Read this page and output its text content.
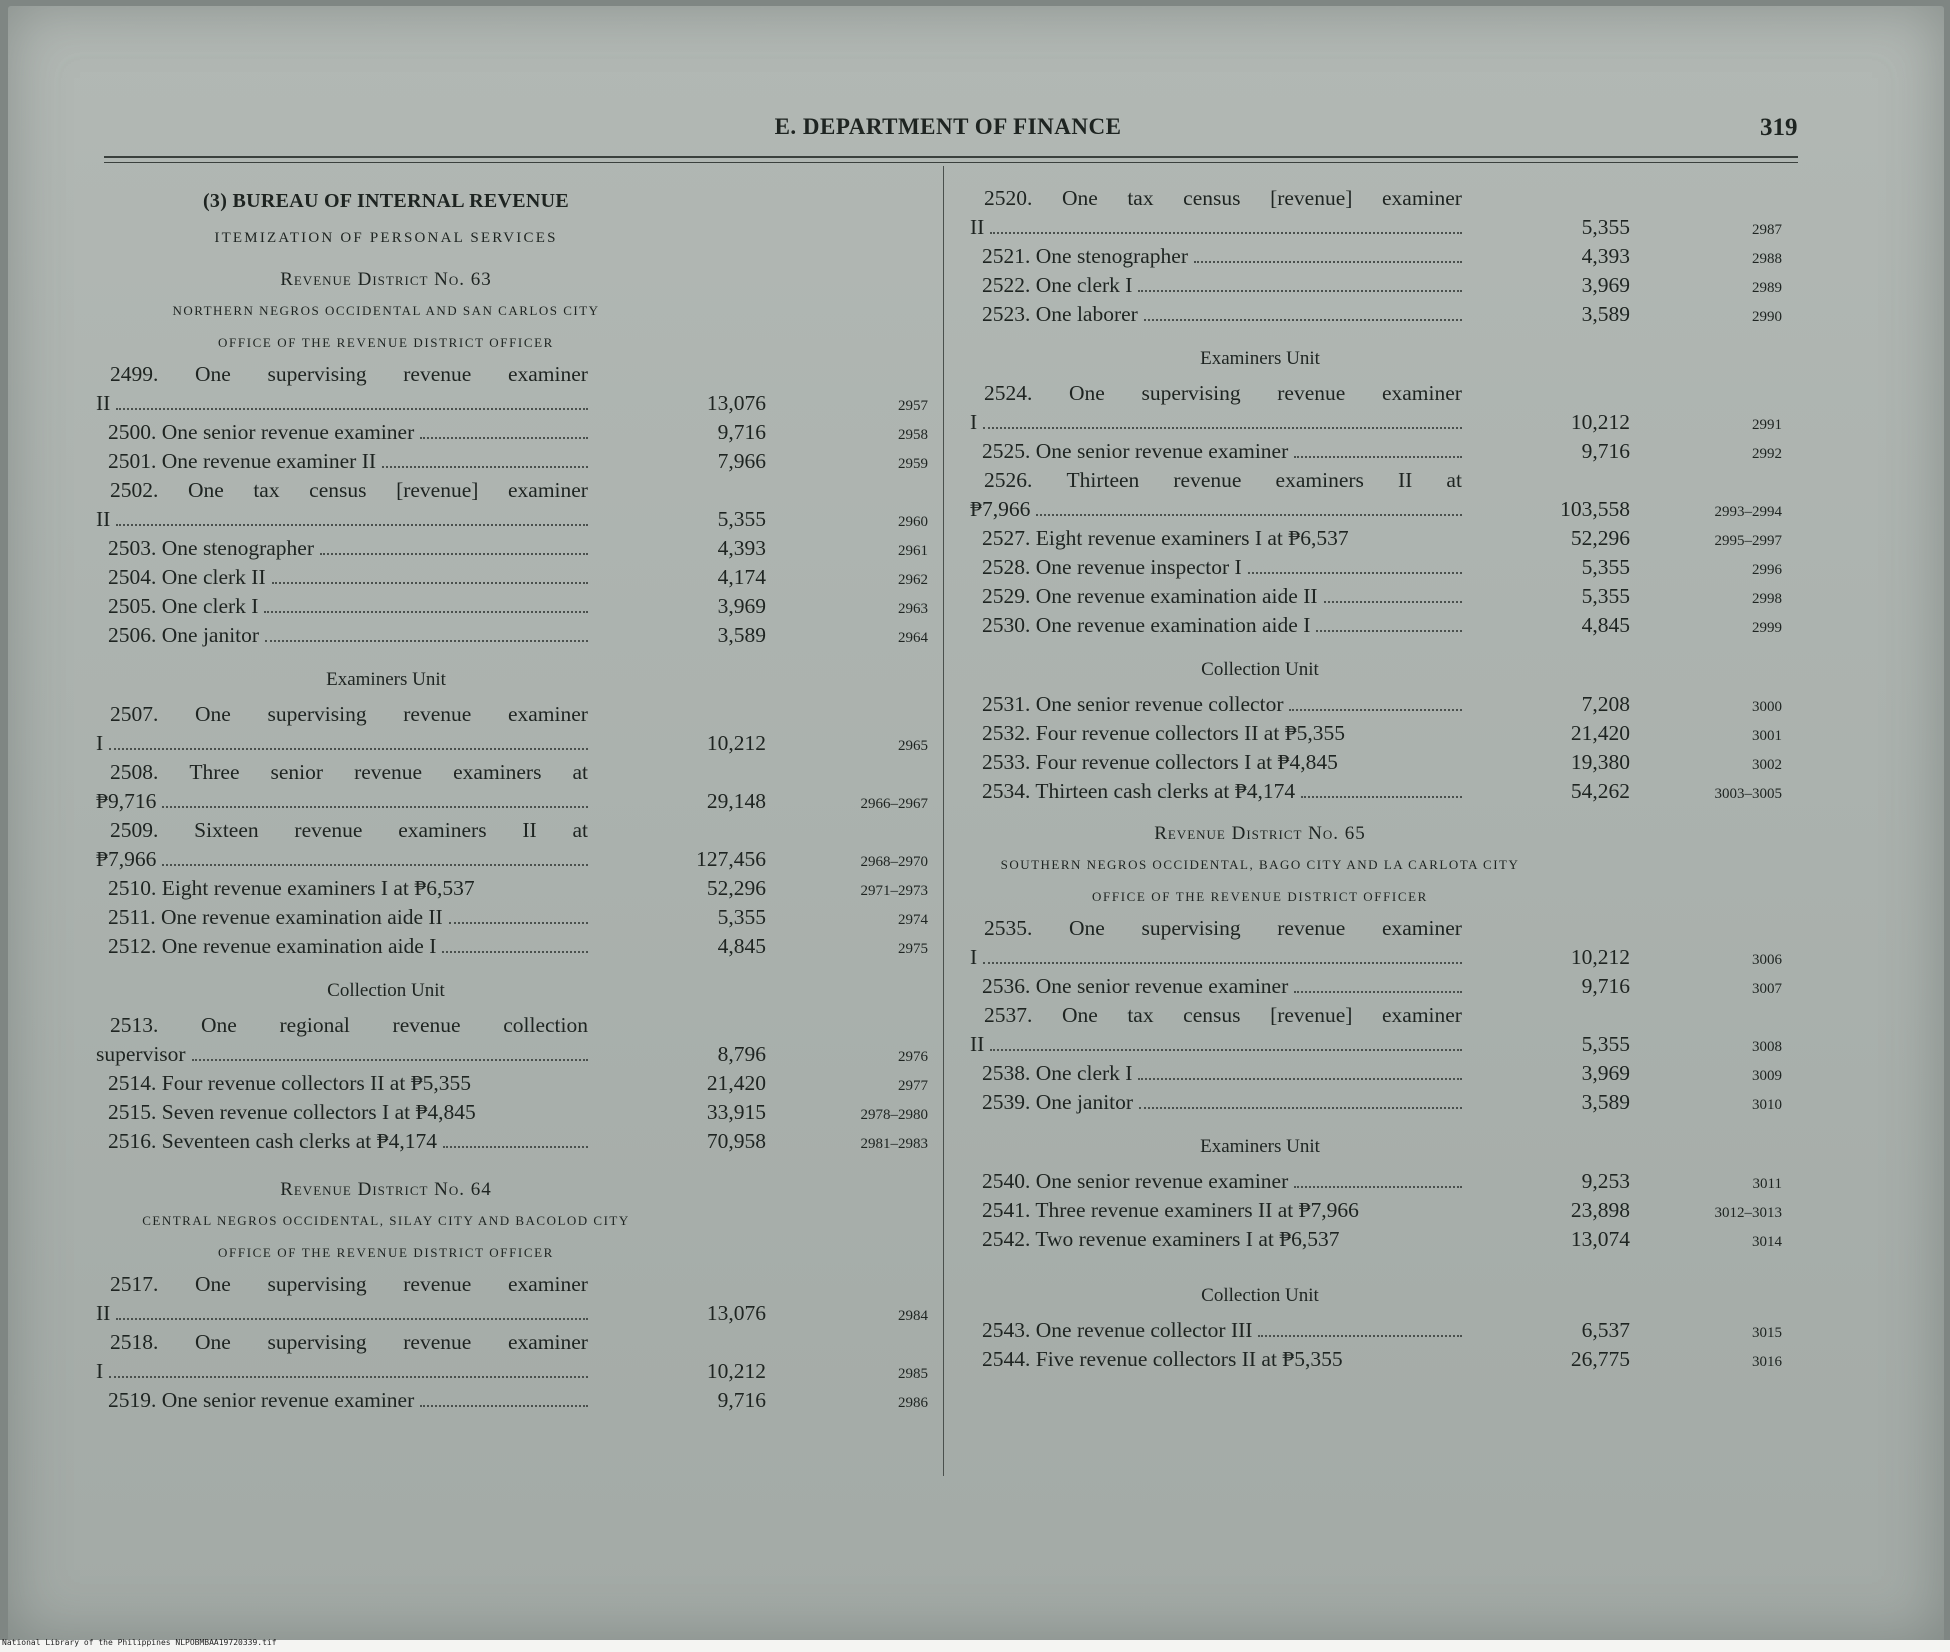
E. DEPARTMENT OF FINANCE	319
(3) BUREAU OF INTERNAL REVENUE
ITEMIZATION OF PERSONAL SERVICES
Revenue District No. 63
NORTHERN NEGROS OCCIDENTAL AND SAN CARLOS CITY
OFFICE OF THE REVENUE DISTRICT OFFICER
2499. One supervising revenue examiner
II	13,076	2957
2500. One senior revenue examiner	9,716	2958
2501. One revenue examiner II	7,966	2959
2502. One tax census [revenue] examiner
II	5,355	2960
2503. One stenographer	4,393	2961
2504. One clerk II	4,174	2962
2505. One clerk I	3,969	2963
2506. One janitor	3,589	2964
Examiners Unit
2507. One supervising revenue examiner
I	10,212	2965
2508. Three senior revenue examiners at
₱9,716	29,148	2966–2967
2509. Sixteen revenue examiners II at
₱7,966	127,456	2968–2970
2510. Eight revenue examiners I at ₱6,537	52,296	2971–2973
2511. One revenue examination aide II	5,355	2974
2512. One revenue examination aide I	4,845	2975
Collection Unit
2513. One regional revenue collection
supervisor	8,796	2976
2514. Four revenue collectors II at ₱5,355	21,420	2977
2515. Seven revenue collectors I at ₱4,845	33,915	2978–2980
2516. Seventeen cash clerks at ₱4,174	70,958	2981–2983
Revenue District No. 64
CENTRAL NEGROS OCCIDENTAL, SILAY CITY AND BACOLOD CITY
OFFICE OF THE REVENUE DISTRICT OFFICER
2517. One supervising revenue examiner
II	13,076	2984
2518. One supervising revenue examiner
I	10,212	2985
2519. One senior revenue examiner	9,716	2986
2520. One tax census [revenue] examiner
II	5,355	2987
2521. One stenographer	4,393	2988
2522. One clerk I	3,969	2989
2523. One laborer	3,589	2990
Examiners Unit
2524. One supervising revenue examiner
I	10,212	2991
2525. One senior revenue examiner	9,716	2992
2526. Thirteen revenue examiners II at
₱7,966	103,558	2993–2994
2527. Eight revenue examiners I at ₱6,537	52,296	2995–2997
2528. One revenue inspector I	5,355	2996
2529. One revenue examination aide II	5,355	2998
2530. One revenue examination aide I	4,845	2999
Collection Unit
2531. One senior revenue collector	7,208	3000
2532. Four revenue collectors II at ₱5,355	21,420	3001
2533. Four revenue collectors I at ₱4,845	19,380	3002
2534. Thirteen cash clerks at ₱4,174	54,262	3003–3005
Revenue District No. 65
SOUTHERN NEGROS OCCIDENTAL, BAGO CITY AND LA CARLOTA CITY
OFFICE OF THE REVENUE DISTRICT OFFICER
2535. One supervising revenue examiner
I	10,212	3006
2536. One senior revenue examiner	9,716	3007
2537. One tax census [revenue] examiner
II	5,355	3008
2538. One clerk I	3,969	3009
2539. One janitor	3,589	3010
Examiners Unit
2540. One senior revenue examiner	9,253	3011
2541. Three revenue examiners II at ₱7,966	23,898	3012–3013
2542. Two revenue examiners I at ₱6,537	13,074	3014
Collection Unit
2543. One revenue collector III	6,537	3015
2544. Five revenue collectors II at ₱5,355	26,775	3016
National Library of the Philippines NLPOBMBAA19720339.tif
